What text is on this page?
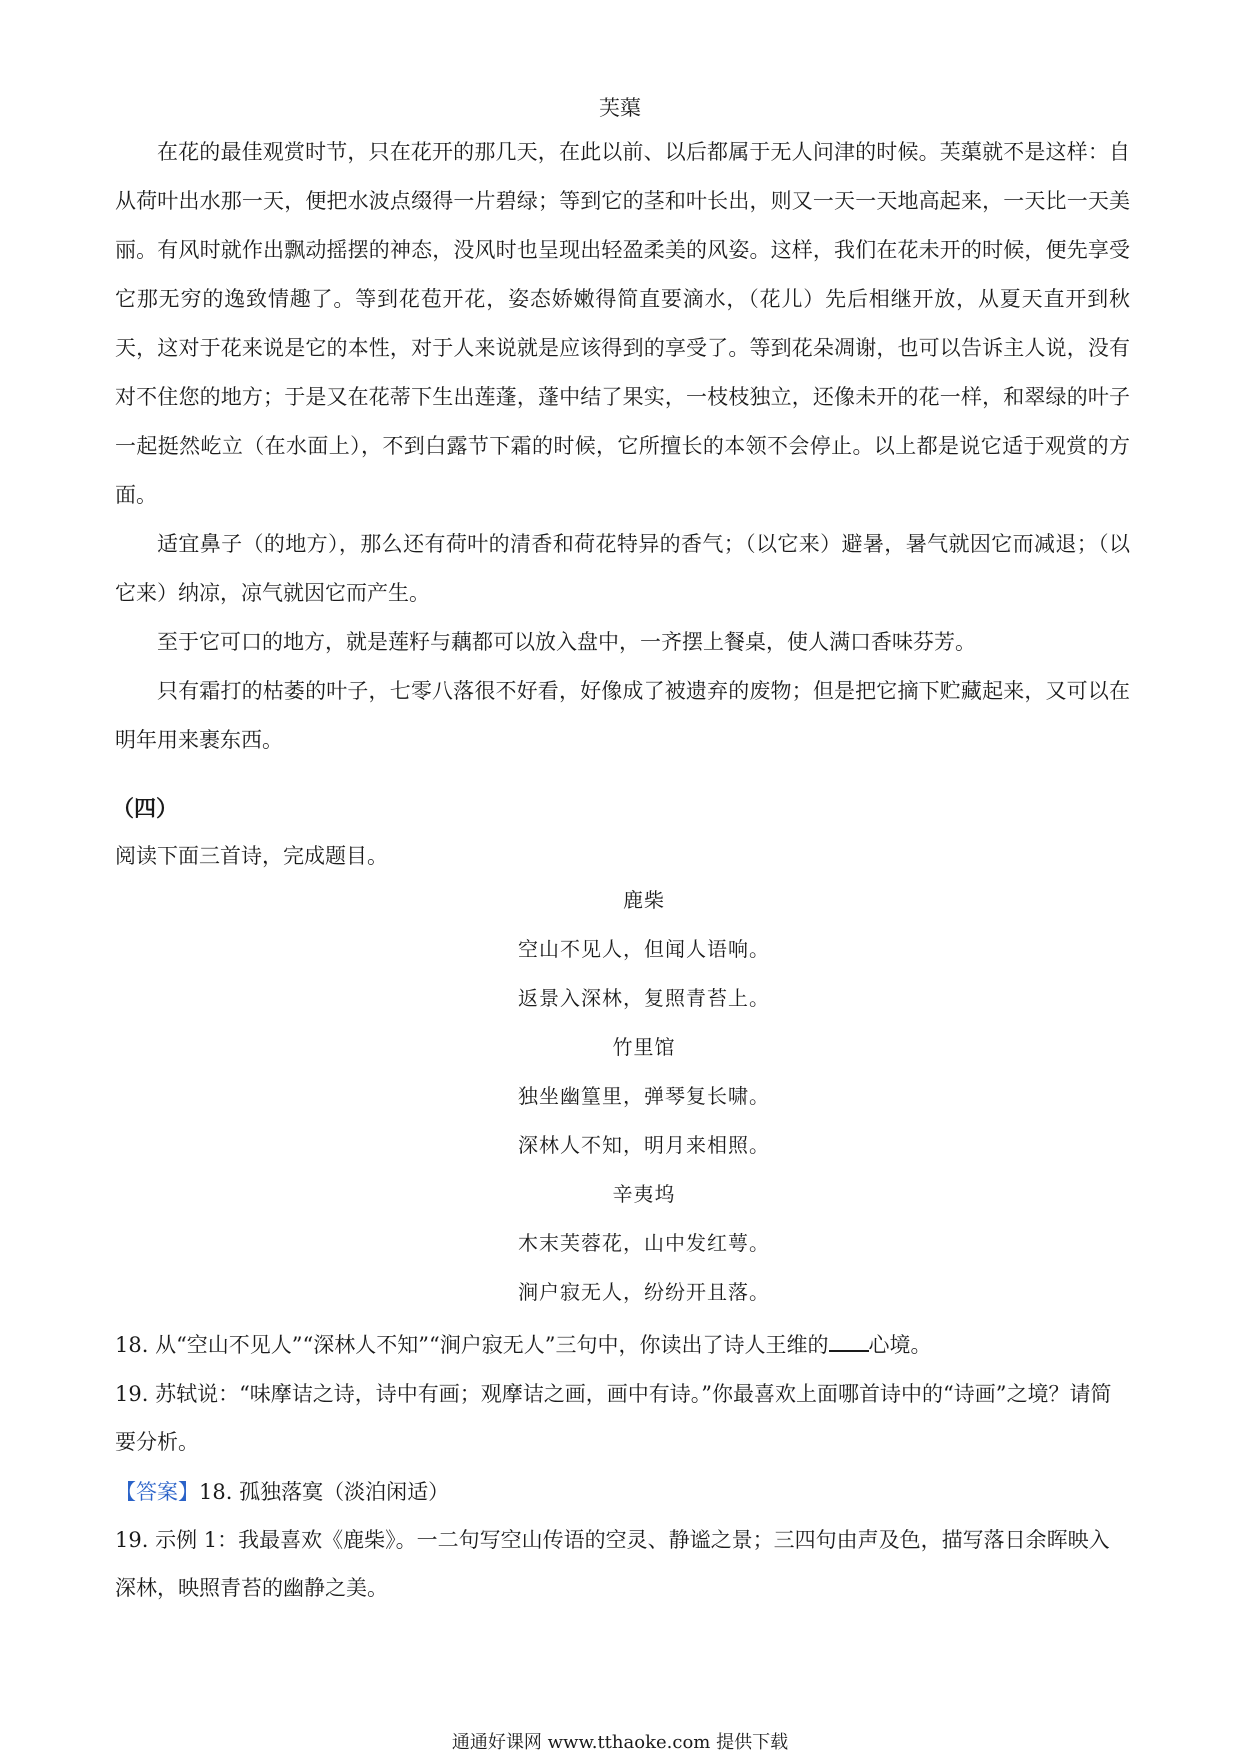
芙蕖

在花的最佳观赏时节，只在花开的那几天，在此以前、以后都属于无人问津的时候。芙蕖就不是这样：自从荷叶出水那一天，便把水波点缀得一片碧绿；等到它的茎和叶长出，则又一天一天地高起来，一天比一天美丽。有风时就作出飘动摇摆的神态，没风时也呈现出轻盈柔美的风姿。这样，我们在花未开的时候，便先享受它那无穷的逸致情趣了。等到花苞开花，姿态娇嫩得简直要滴水，（花儿）先后相继开放，从夏天直开到秋天，这对于花来说是它的本性，对于人来说就是应该得到的享受了。等到花朵凋谢，也可以告诉主人说，没有对不住您的地方；于是又在花蒂下生出莲蓬，蓬中结了果实，一枝枝独立，还像未开的花一样，和翠绿的叶子一起挺然屹立（在水面上），不到白露节下霜的时候，它所擅长的本领不会停止。以上都是说它适于观赏的方面。

适宜鼻子（的地方），那么还有荷叶的清香和荷花特异的香气；（以它来）避暑，暑气就因它而减退；（以它来）纳凉，凉气就因它而产生。

至于它可口的地方，就是莲籽与藕都可以放入盘中，一齐摆上餐桌，使人满口香味芬芳。

只有霜打的枯萎的叶子，七零八落很不好看，好像成了被遗弃的废物；但是把它摘下贮藏起来，又可以在明年用来裹东西。

（四）
阅读下面三首诗，完成题目。
鹿柴
空山不见人，但闻人语响。
返景入深林，复照青苔上。
竹里馆
独坐幽篁里，弹琴复长啸。
深林人不知，明月来相照。
辛夷坞
木末芙蓉花，山中发红萼。
涧户寂无人，纷纷开且落。
18. 从“空山不见人”“深林人不知”“涧户寂无人”三句中，你读出了诗人王维的 心境。
19. 苏轼说：“味摩诘之诗，诗中有画；观摩诘之画，画中有诗。”你最喜欢上面哪首诗中的“诗画”之境？请简要分析。
【答案】18. 孤独落寞（淡泊闲适）
19. 示例 1：我最喜欢《鹿柴》。一二句写空山传语的空灵、静谧之景；三四句由声及色，描写落日余晖映入深林，映照青苔的幽静之美。
通通好课网 www.tthaoke.com 提供下载
